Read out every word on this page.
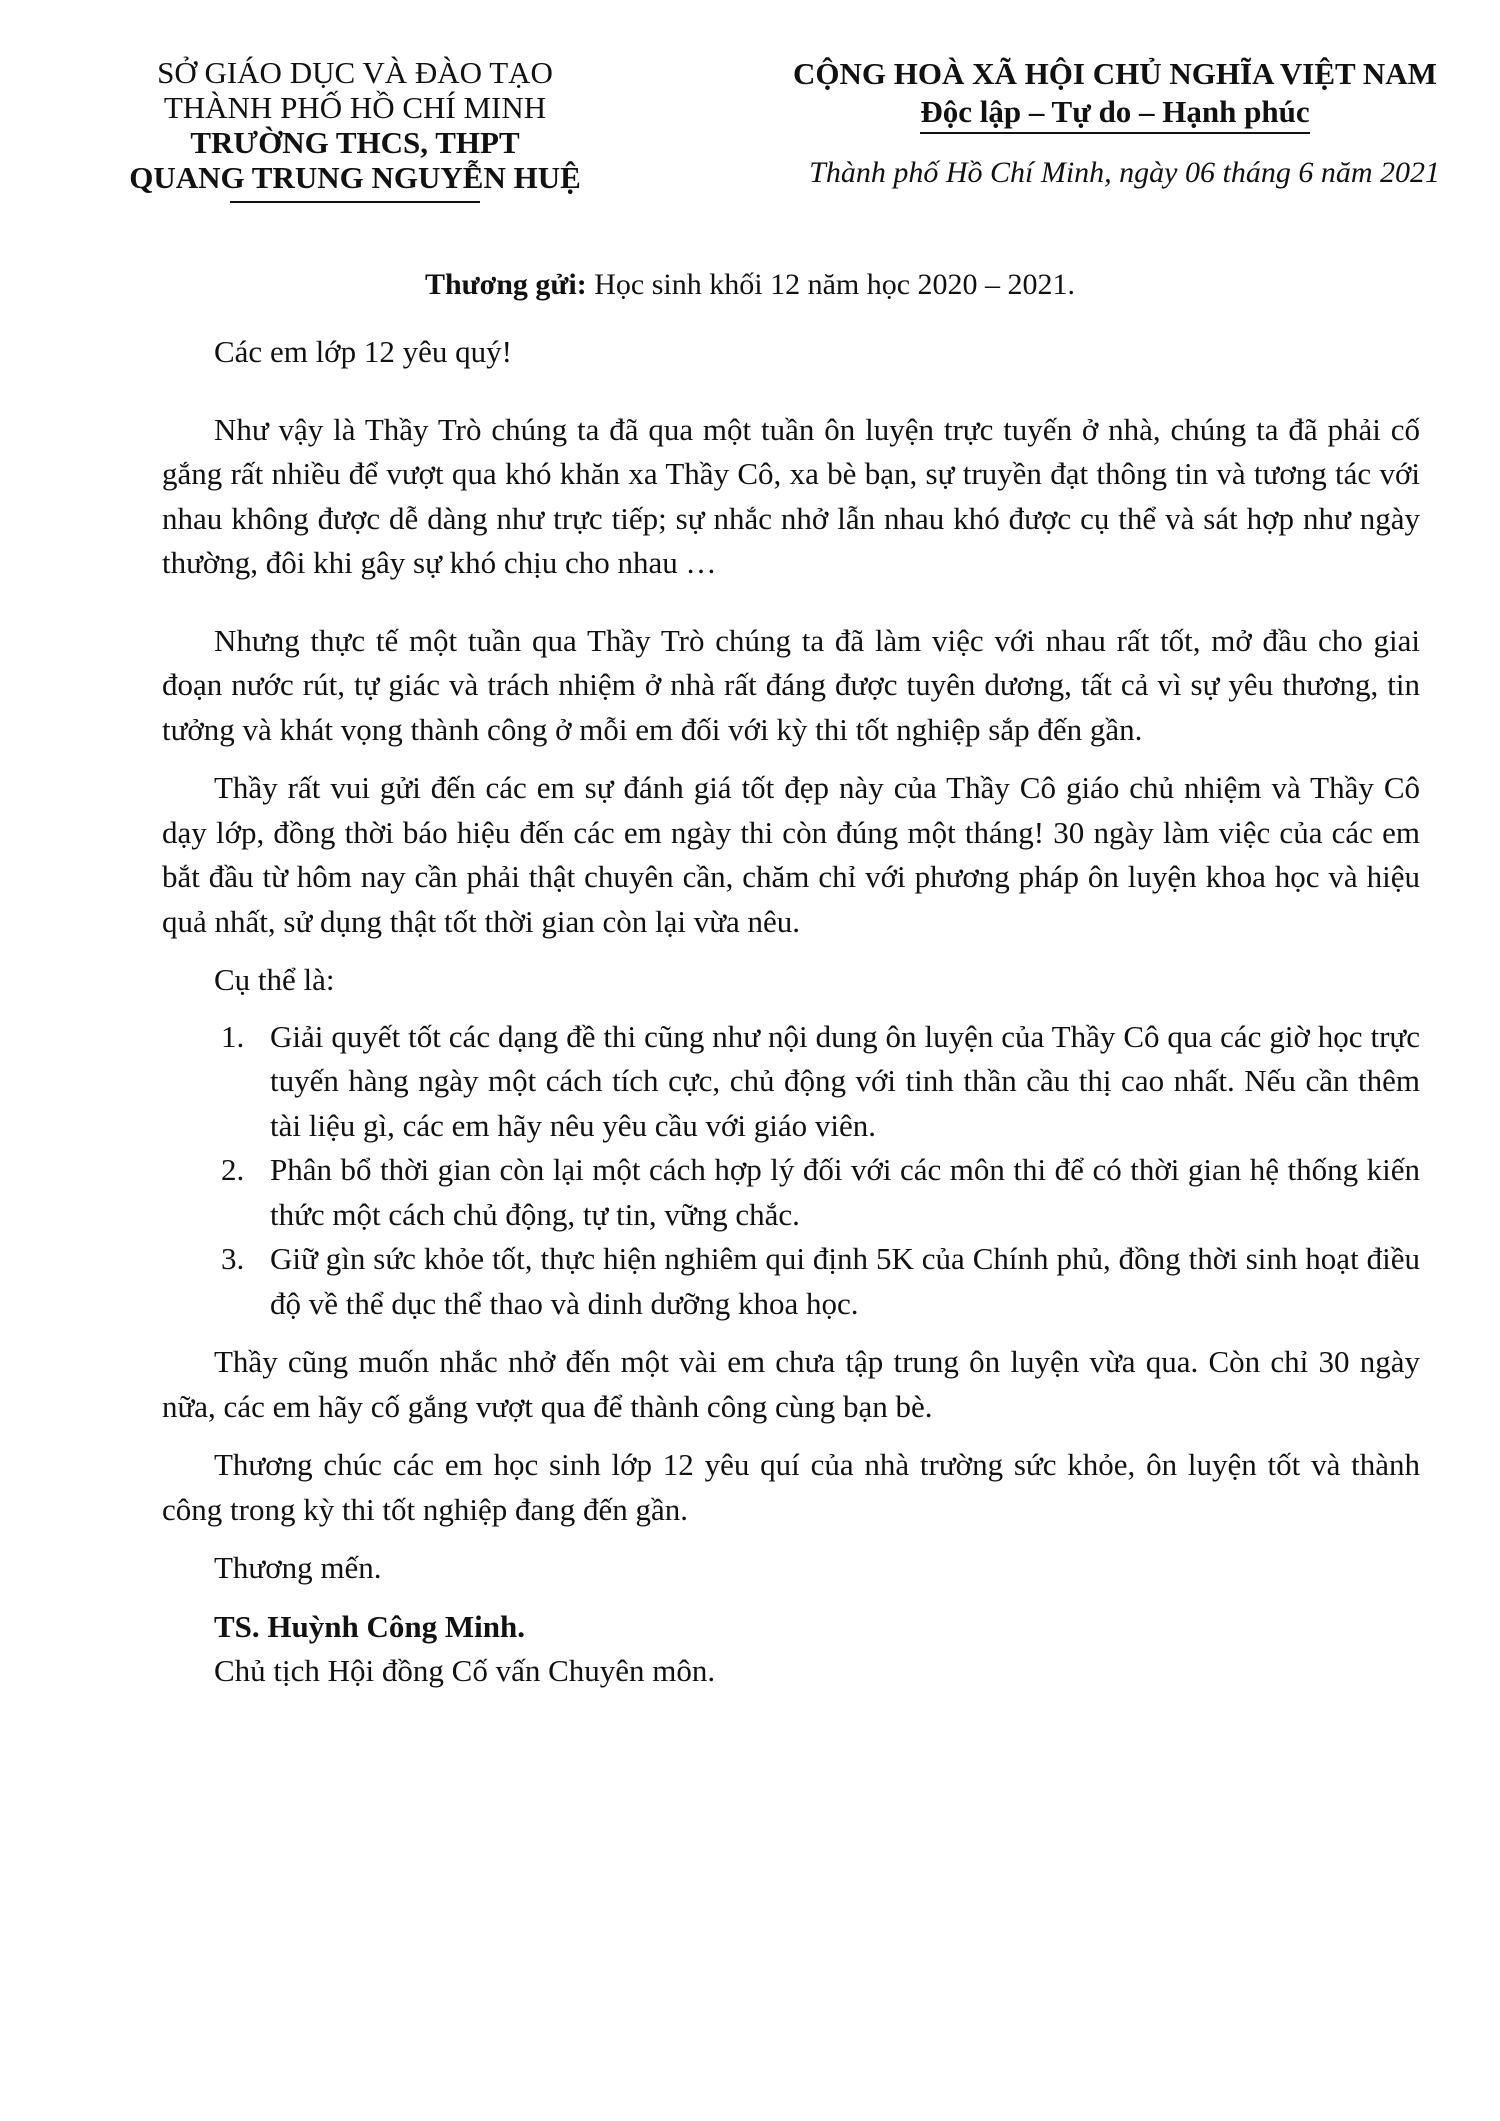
SỞ GIÁO DỤC VÀ ĐÀO TẠO
THÀNH PHỐ HỒ CHÍ MINH
TRƯỜNG THCS, THPT
QUANG TRUNG NGUYỄN HUỆ
CỘNG HOÀ XÃ HỘI CHỦ NGHĨA VIỆT NAM
Độc lập – Tự do – Hạnh phúc
Thành phố Hồ Chí Minh, ngày 06 tháng 6 năm 2021
Thương gửi: Học sinh khối 12 năm học 2020 – 2021.

Các em lớp 12 yêu quý!

Như vậy là Thầy Trò chúng ta đã qua một tuần ôn luyện trực tuyến ở nhà, chúng ta đã phải cố gắng rất nhiều để vượt qua khó khăn xa Thầy Cô, xa bè bạn, sự truyền đạt thông tin và tương tác với nhau không được dễ dàng như trực tiếp; sự nhắc nhở lẫn nhau khó được cụ thể và sát hợp như ngày thường, đôi khi gây sự khó chịu cho nhau …

Nhưng thực tế một tuần qua Thầy Trò chúng ta đã làm việc với nhau rất tốt, mở đầu cho giai đoạn nước rút, tự giác và trách nhiệm ở nhà rất đáng được tuyên dương, tất cả vì sự yêu thương, tin tưởng và khát vọng thành công ở mỗi em đối với kỳ thi tốt nghiệp sắp đến gần.

Thầy rất vui gửi đến các em sự đánh giá tốt đẹp này của Thầy Cô giáo chủ nhiệm và Thầy Cô dạy lớp, đồng thời báo hiệu đến các em ngày thi còn đúng một tháng! 30 ngày làm việc của các em bắt đầu từ hôm nay cần phải thật chuyên cần, chăm chỉ với phương pháp ôn luyện khoa học và hiệu quả nhất, sử dụng thật tốt thời gian còn lại vừa nêu.

Cụ thể là:

1. Giải quyết tốt các dạng đề thi cũng như nội dung ôn luyện của Thầy Cô qua các giờ học trực tuyến hàng ngày một cách tích cực, chủ động với tinh thần cầu thị cao nhất. Nếu cần thêm tài liệu gì, các em hãy nêu yêu cầu với giáo viên.
2. Phân bổ thời gian còn lại một cách hợp lý đối với các môn thi để có thời gian hệ thống kiến thức một cách chủ động, tự tin, vững chắc.
3. Giữ gìn sức khỏe tốt, thực hiện nghiêm qui định 5K của Chính phủ, đồng thời sinh hoạt điều độ về thể dục thể thao và dinh dưỡng khoa học.

Thầy cũng muốn nhắc nhở đến một vài em chưa tập trung ôn luyện vừa qua. Còn chỉ 30 ngày nữa, các em hãy cố gắng vượt qua để thành công cùng bạn bè.

Thương chúc các em học sinh lớp 12 yêu quí của nhà trường sức khỏe, ôn luyện tốt và thành công trong kỳ thi tốt nghiệp đang đến gần.

Thương mến.

TS. Huỳnh Công Minh.

Chủ tịch Hội đồng Cố vấn Chuyên môn.
